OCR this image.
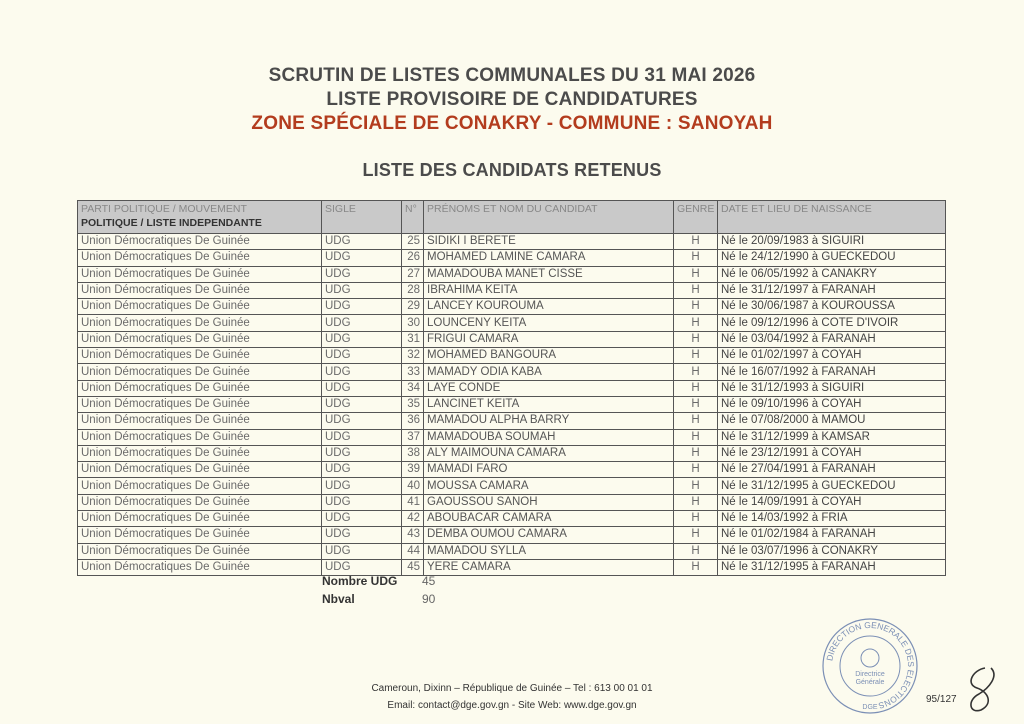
SCRUTIN DE LISTES COMMUNALES DU 31 MAI 2026
LISTE PROVISOIRE DE CANDIDATURES
ZONE SPÉCIALE DE CONAKRY - COMMUNE : SANOYAH
LISTE DES CANDIDATS RETENUS
PARTI POLITIQUE / MOUVEMENT
POLITIQUE / LISTE INDEPENDANTE	SIGLE	N°	PRÉNOMS ET NOM DU CANDIDAT	GENRE	DATE ET LIEU DE NAISSANCE
Union Démocratiques De Guinée	UDG	25	SIDIKI I BERETE	H	Né le 20/09/1983 à SIGUIRI
Union Démocratiques De Guinée	UDG	26	MOHAMED LAMINE CAMARA	H	Né le 24/12/1990 à GUECKEDOU
Union Démocratiques De Guinée	UDG	27	MAMADOUBA MANET CISSE	H	Né le 06/05/1992 à CANAKRY
Union Démocratiques De Guinée	UDG	28	IBRAHIMA KEITA	H	Né le 31/12/1997 à FARANAH
Union Démocratiques De Guinée	UDG	29	LANCEY KOUROUMA	H	Né le 30/06/1987 à KOUROUSSA
Union Démocratiques De Guinée	UDG	30	LOUNCENY KEITA	H	Né le 09/12/1996 à COTE D'IVOIR
Union Démocratiques De Guinée	UDG	31	FRIGUI CAMARA	H	Né le 03/04/1992 à FARANAH
Union Démocratiques De Guinée	UDG	32	MOHAMED BANGOURA	H	Né le 01/02/1997 à COYAH
Union Démocratiques De Guinée	UDG	33	MAMADY ODIA KABA	H	Né le 16/07/1992 à FARANAH
Union Démocratiques De Guinée	UDG	34	LAYE CONDE	H	Né le 31/12/1993 à SIGUIRI
Union Démocratiques De Guinée	UDG	35	LANCINET KEITA	H	Né le 09/10/1996 à COYAH
Union Démocratiques De Guinée	UDG	36	MAMADOU ALPHA BARRY	H	Né le 07/08/2000 à MAMOU
Union Démocratiques De Guinée	UDG	37	MAMADOUBA SOUMAH	H	Né le 31/12/1999 à KAMSAR
Union Démocratiques De Guinée	UDG	38	ALY MAIMOUNA CAMARA	H	Né le 23/12/1991 à COYAH
Union Démocratiques De Guinée	UDG	39	MAMADI FARO	H	Né le 27/04/1991 à FARANAH
Union Démocratiques De Guinée	UDG	40	MOUSSA CAMARA	H	Né le 31/12/1995 à GUECKEDOU
Union Démocratiques De Guinée	UDG	41	GAOUSSOU SANOH	H	Né le 14/09/1991 à COYAH
Union Démocratiques De Guinée	UDG	42	ABOUBACAR CAMARA	H	Né le 14/03/1992 à FRIA
Union Démocratiques De Guinée	UDG	43	DEMBA OUMOU CAMARA	H	Né le 01/02/1984 à FARANAH
Union Démocratiques De Guinée	UDG	44	MAMADOU SYLLA	H	Né le 03/07/1996 à CONAKRY
Union Démocratiques De Guinée	UDG	45	YERE CAMARA	H	Né le 31/12/1995 à FARANAH
Nombre UDG 45
Nbval	90
Cameroun, Dixinn – République de Guinée – Tel : 613 00 01 01
Email: contact@dge.gov.gn - Site Web: www.dge.gov.gn
DIRECTION GENERALE DES ELECTIONS
Directrice
Générale
DGE
95/127
